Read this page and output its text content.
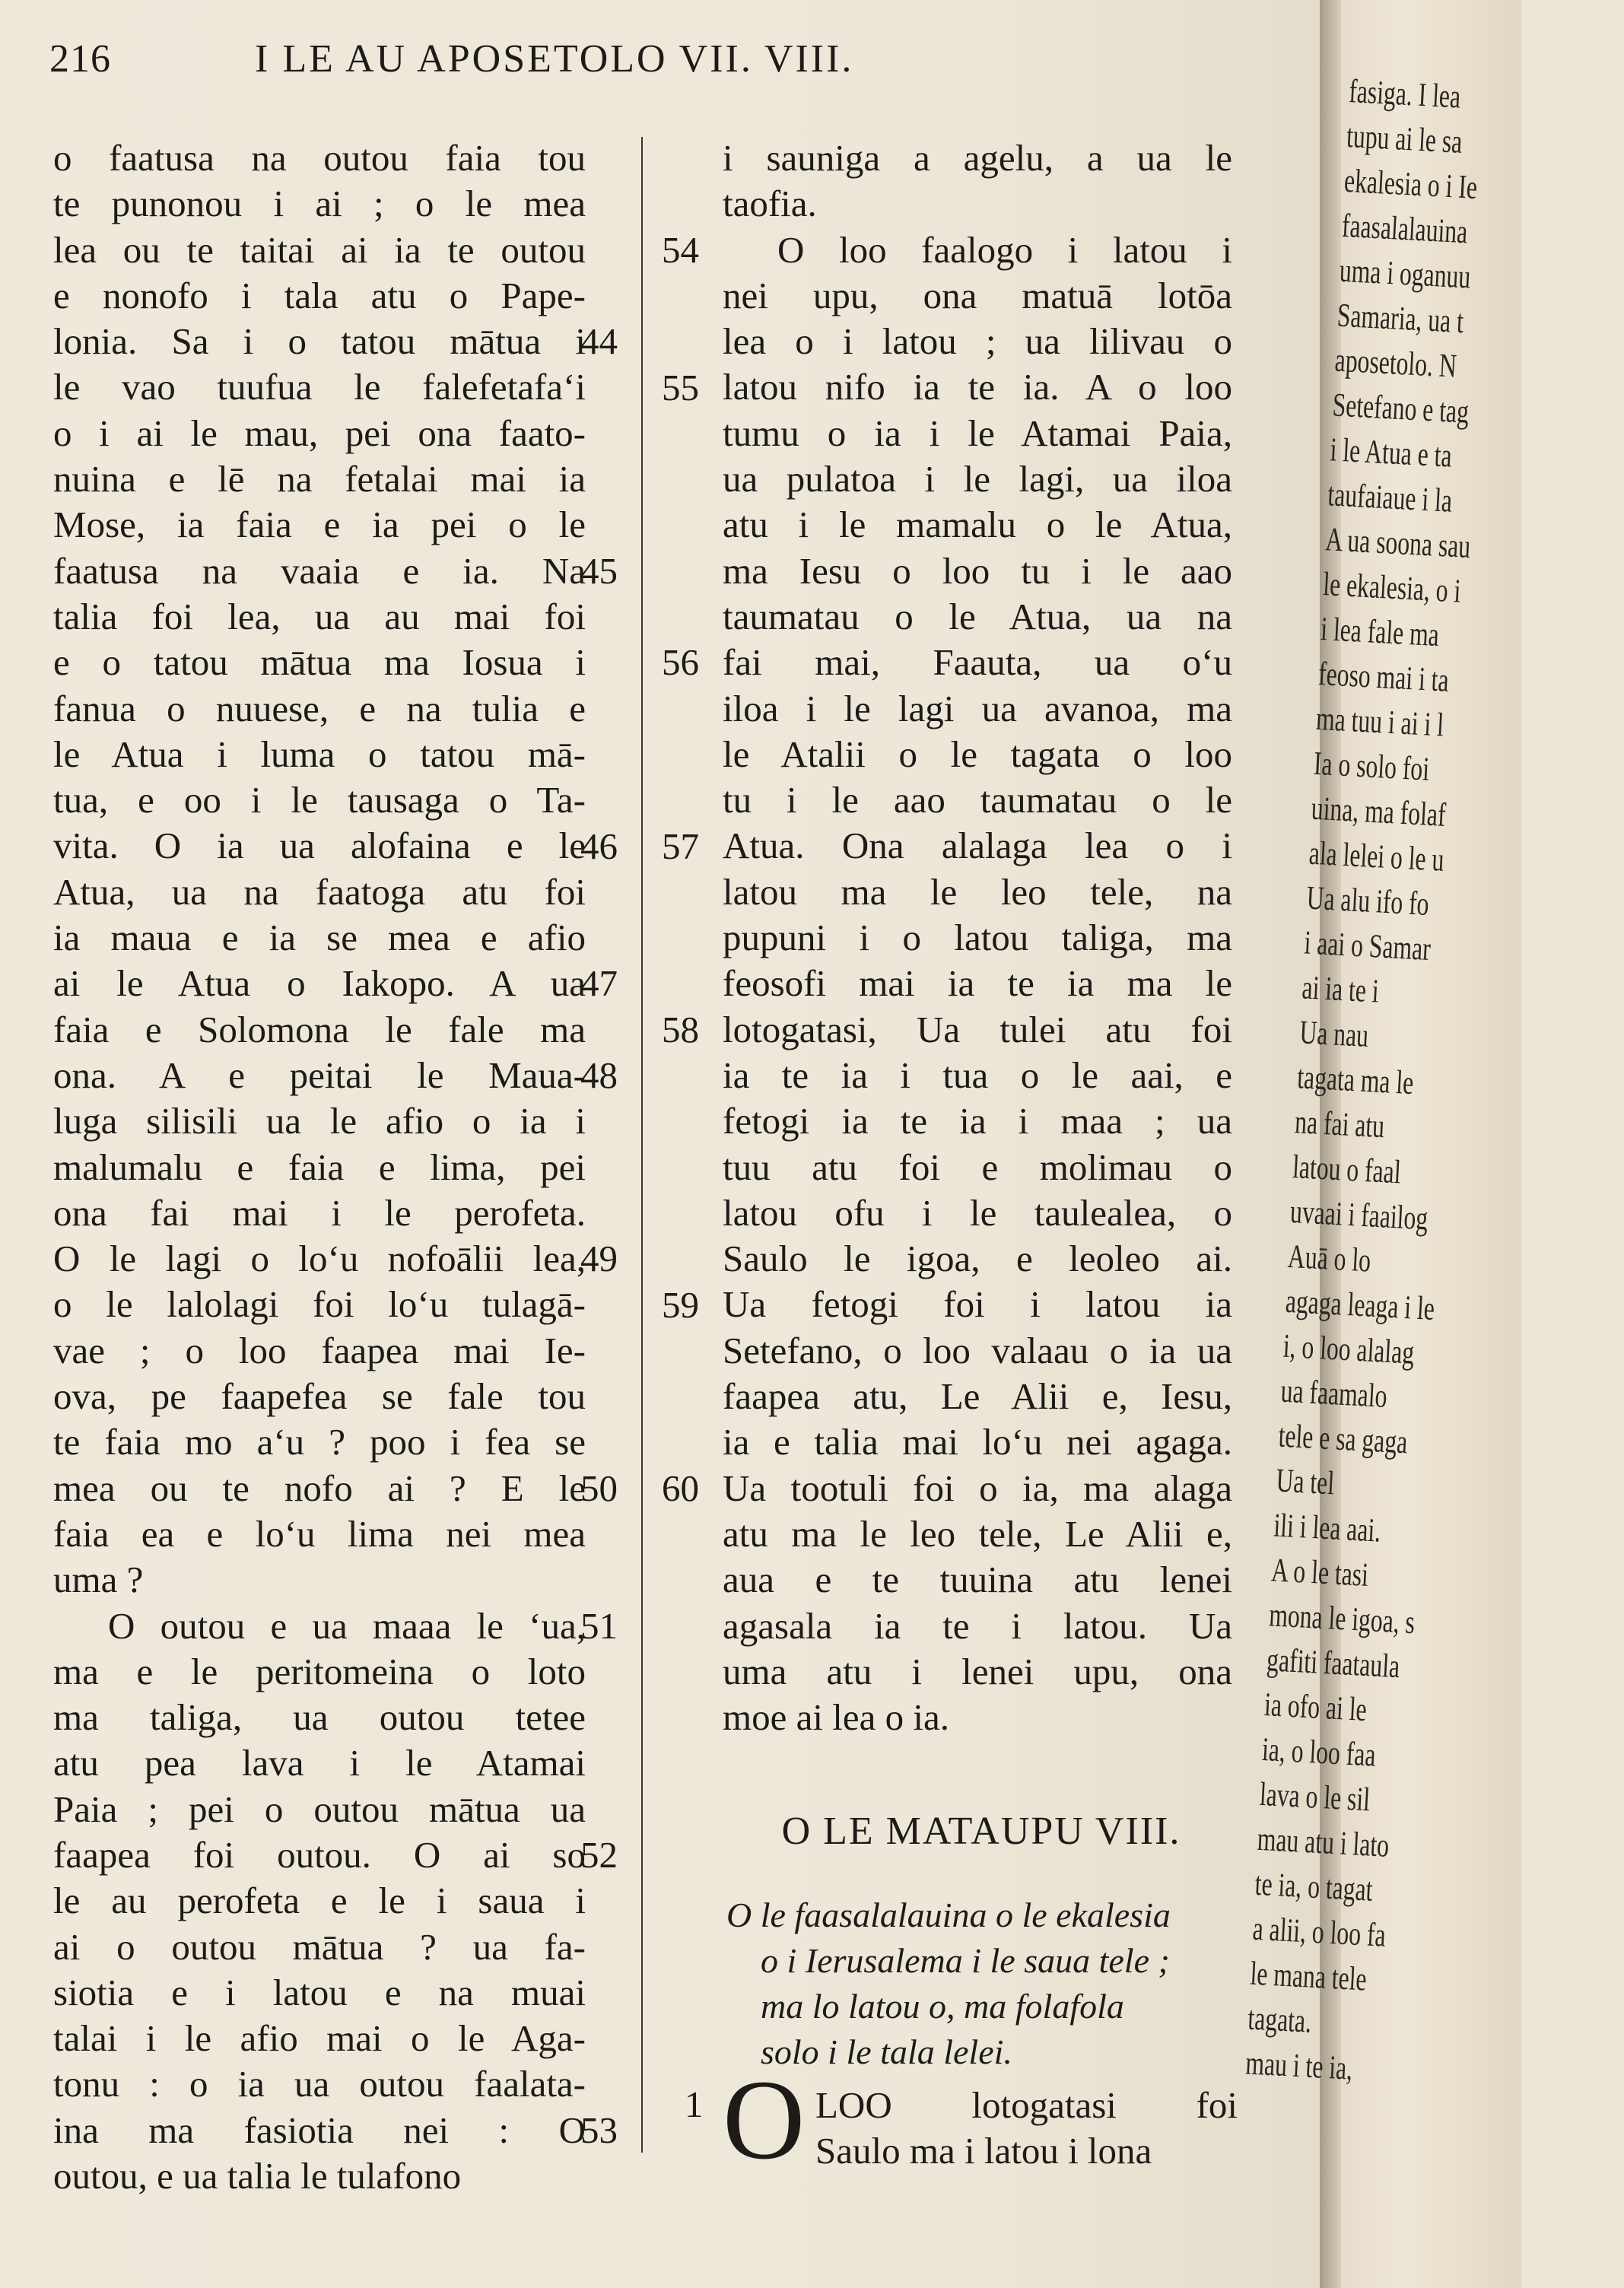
216	I LE AU APOSETOLO VII. VIII.
o faatusa na outou faia tou
te punonou i ai ; o le mea
lea ou te taitai ai ia te outou
e nonofo i tala atu o Pape-
lonia. Sa i o tatou mātua i
44
le vao tuufua le falefetafaʻi
o i ai le mau, pei ona faato-
nuina e lē na fetalai mai ia
Mose, ia faia e ia pei o le
faatusa na vaaia e ia. Na
45
talia foi lea, ua au mai foi
e o tatou mātua ma Iosua i
fanua o nuuese, e na tulia e
le Atua i luma o tatou mā-
tua, e oo i le tausaga o Ta-
vita. O ia ua alofaina e le
46
Atua, ua na faatoga atu foi
ia maua e ia se mea e afio
ai le Atua o Iakopo. A ua
47
faia e Solomona le fale ma
ona. A e peitai le Maua-
48
luga silisili ua le afio o ia i
malumalu e faia e lima, pei
ona fai mai i le perofeta.
O le lagi o loʻu nofoālii lea,
49
o le lalolagi foi loʻu tulagā-
vae ; o loo faapea mai Ie-
ova, pe faapefea se fale tou
te faia mo aʻu ? poo i fea se
mea ou te nofo ai ? E le
50
faia ea e loʻu lima nei mea
uma ?
O outou e ua maaa le ʻua,
51
ma e le peritomeina o loto
ma taliga, ua outou tetee
atu pea lava i le Atamai
Paia ; pei o outou mātua ua
faapea foi outou. O ai so
52
le au perofeta e le i saua i
ai o outou mātua ? ua fa-
siotia e i latou e na muai
talai i le afio mai o le Aga-
tonu : o ia ua outou faalata-
ina ma fasiotia nei : O
53
outou, e ua talia le tulafono
i sauniga a agelu, a ua le
taofia.
O loo faalogo i latou i
54
nei upu, ona matuā lotōa
lea o i latou ; ua lilivau o
latou nifo ia te ia. A o loo
55
tumu o ia i le Atamai Paia,
ua pulatoa i le lagi, ua iloa
atu i le mamalu o le Atua,
ma Iesu o loo tu i le aao
taumatau o le Atua, ua na
fai mai, Faauta, ua oʻu
56
iloa i le lagi ua avanoa, ma
le Atalii o le tagata o loo
tu i le aao taumatau o le
Atua. Ona alalaga lea o i
57
latou ma le leo tele, na
pupuni i o latou taliga, ma
feosofi mai ia te ia ma le
lotogatasi, Ua tulei atu foi
58
ia te ia i tua o le aai, e
fetogi ia te ia i maa ; ua
tuu atu foi e molimau o
latou ofu i le taulealea, o
Saulo le igoa, e leoleo ai.
Ua fetogi foi i latou ia
59
Setefano, o loo valaau o ia ua
faapea atu, Le Alii e, Iesu,
ia e talia mai loʻu nei agaga.
Ua tootuli foi o ia, ma alaga
60
atu ma le leo tele, Le Alii e,
aua e te tuuina atu lenei
agasala ia te i latou. Ua
uma atu i lenei upu, ona
moe ai lea o ia.
O LE MATAUPU VIII.
O le faasalalauina o le ekalesia
o i Ierusalema i le saua tele ;
ma lo latou o, ma folafola
solo i le tala lelei.
1 O LOO lotogatasi foi
Saulo ma i latou i lona
fasiga. I lea
tupu ai le sa
ekalesia o i Ie
faasalalauina
uma i oganuu
Samaria, ua t
aposetolo. N
Setefano e tag
i le Atua e ta
taufaiaue i la
A ua soona sau
le ekalesia, o i
i lea fale ma
feoso mai i ta
ma tuu i ai i l
Ia o solo foi
uina, ma folaf
ala lelei o le u
Ua alu ifo fo
i aai o Samar
ai ia te i
Ua nau
tagata ma le
na fai atu
latou o faal
uvaai i faailog
Auā o lo
agaga leaga i le
i, o loo alalag
ua faamalo
tele e sa gaga
Ua tel
ili i lea aai.
A o le tasi
mona le igoa, s
gafiti faataula
ia ofo ai le
ia, o loo faa
lava o le sil
mau atu i lato
te ia, o tagat
a alii, o loo fa
le mana tele
tagata.
mau i te ia,
